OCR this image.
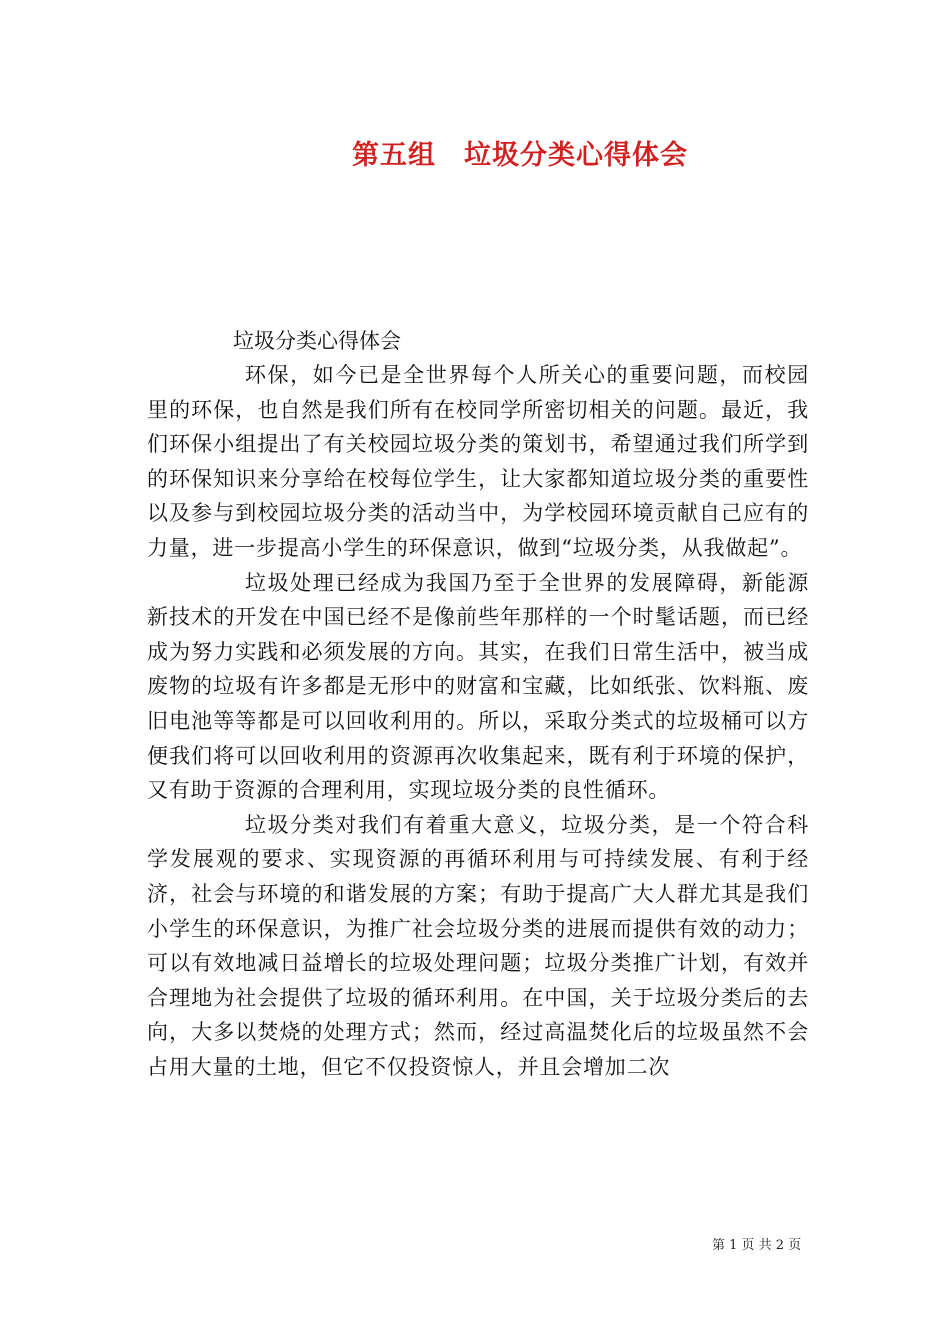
第五组　垃圾分类心得体会
垃圾分类心得体会

环保，如今已是全世界每个人所关心的重要问题，而校园里的环保，也自然是我们所有在校同学所密切相关的问题。最近，我们环保小组提出了有关校园垃圾分类的策划书，希望通过我们所学到的环保知识来分享给在校每位学生，让大家都知道垃圾分类的重要性以及参与到校园垃圾分类的活动当中，为学校园环境贡献自己应有的力量，进一步提高小学生的环保意识，做到“垃圾分类，从我做起”。

垃圾处理已经成为我国乃至于全世界的发展障碍，新能源新技术的开发在中国已经不是像前些年那样的一个时髦话题，而已经成为努力实践和必须发展的方向。其实，在我们日常生活中，被当成废物的垃圾有许多都是无形中的财富和宝藏，比如纸张、饮料瓶、废旧电池等等都是可以回收利用的。所以，采取分类式的垃圾桶可以方便我们将可以回收利用的资源再次收集起来，既有利于环境的保护，又有助于资源的合理利用，实现垃圾分类的良性循环。

垃圾分类对我们有着重大意义，垃圾分类，是一个符合科学发展观的要求、实现资源的再循环利用与可持续发展、有利于经济，社会与环境的和谐发展的方案；有助于提高广大人群尤其是我们小学生的环保意识，为推广社会垃圾分类的进展而提供有效的动力；可以有效地减日益增长的垃圾处理问题；垃圾分类推广计划，有效并合理地为社会提供了垃圾的循环利用。在中国，关于垃圾分类后的去向，大多以焚烧的处理方式；然而，经过高温焚化后的垃圾虽然不会占用大量的土地，但它不仅投资惊人，并且会增加二次

第 1 页 共 2 页
